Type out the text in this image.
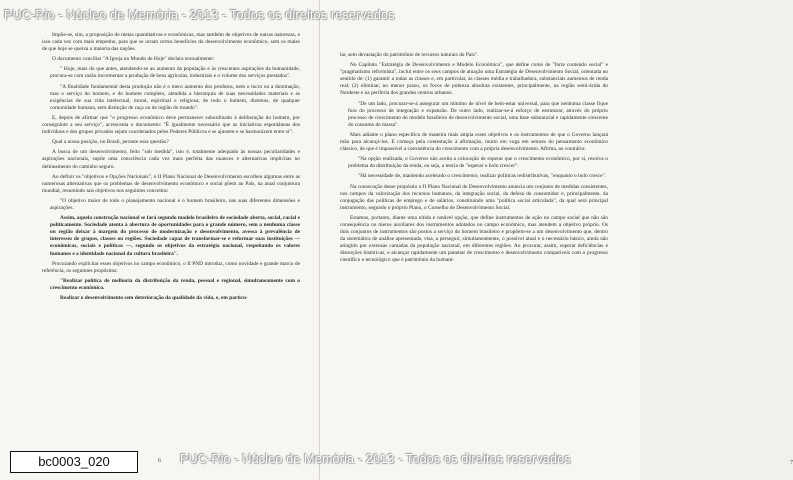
Impõe-se, sim, a proposição de metas quantitativas e econômicas, mas também de objetivos de outras naturezas, e isso cada vez com mais empenho, para que se urram certos benefícios do desenvolvimento econômico, sem os males de que hoje se queixa a maioria das nações.

O documento conciliar "A Igreja no Mundo de Hoje" declara textualmente:

" Hoje, mais do que antes, atendendo-se ao aumento da população e às crescentes aspirações da humanidade, procura-se com razão incrementar a produção de bens agrícolas, industriais e o volume dos serviços prestados".

"A finalidade fundamental desta produção não é o mero aumento dos produtos, nem o lucro ou a dominação, mas o serviço do homem, e do homem completo, atendida a hierarquia de suas necessidades materiais e as exigências de sua vida intelectual, moral, espiritual e religiosa; de todo o homem, dizemos, de qualquer comunidade humana, sem distinção de raça ou de região do mundo".

E, depois de afirmar que "o progresso econômico deve permanecer subordinado à deliberação do homem, por conseguinte a seu serviço", acrescenta o documento: "É igualmente necessário que as iniciativas espontâneas dos indivíduos e dos grupos privados sejam coordenados pelos Poderes Públicos e se ajustem e se harmonizem entre si".

Qual a nossa posição, no Brasil, perante essa questão?

A busca de um desenvolvimento, feito "sob medida", isto é, totalmente adequado às nossas peculiaridades e aspirações nacionais, supõe uma consciência cada vez mais perfeita das nuances e alternativas implícitas no delineamento do caminho seguro.

Ao definir os "objetivos e Opções Nacionais", o II Plano Nacional de Desenvolvimento escolheu algumas entre as numerosas alternativas que os problemas de desenvolvimento econômico e social põem ao País, na atual conjuntura mundial, resumindo tais objetivos nos seguintes conceitos:

"O objetivo maior de todo o planejamento nacional é o homem brasileiro, nas suas diferentes dimensões e aspirações.

Assim, aquela construção nacional se fará segundo modelo brasileiro de sociedade aberta, social, racial e politicamente. Sociedade atenta à abertura de oportunidades para o grande número, sem a nenhuma classe ou região deixar à margem do processo de modernização e desenvolvimento, avessa à prevalência de interesses de grupos, classes ou regiões. Sociedade capaz de transformar-se e reformar suas instituições — econômicas, sociais e políticas —, segundo os objetivos da estratégia nacional, respeitando os valores humanos e a identidade nacional da cultura brasileira".

Procurando explicitar esses objetivos no campo econômico, o II PND introduz, como novidade e grande marco de referência, os seguintes propósitos:

"Realizar política de melhoria da distribuição da renda, pessoal e regional, simultaneamente com o crescimento econômico.

Realizar o desenvolvimento sem deterioração da qualidade da vida, e, em particu-

6

lar, sem devastação do patrimônio de recursos naturais do País".

No Capítulo "Estratégia de Desenvolvimento e Modelo Econômico", que define como de "forte conteúdo social" e "pragmatismo reformista", inclui entre os seus campos de atuação uma Estratégia de Desenvolvimento Social, orientada no sentido de: (1) garantir a todas as classes e, em particular, às classes média e trabalhadora, substanciais aumentos de renda real; (2) eliminar, no menor prazo, os focos de pobreza absoluta existentes, principalmente, na região semi-árida do Nordeste e na periferia dos grandes centros urbanos.

"De um lado, procurar-se-á assegurar um mínimo de nível de bem-estar universal, para que nenhuma classe fique fora do processo de integração e expansão. De outro lado, realizar-se-á esforço de estruturar, através do próprio processo de crescimento do modelo brasileiro de desenvolvimento social, uma base substancial e rapidamente crescente do consumo de massa".

Mais adiante o plano especifica de maneira mais ampla esses objetivos e os instrumentos de que o Governo lançará mão para alcançá-los. E começa pela contestação à afirmação, muito em voga em setores do pensamento econômico clássico, de que é impossível a coexistência do crescimento com a própria desenvolvimento. Afirma, ao contrário:

"Na opção realizada, o Governo não aceita a colocação de esperar que o crescimento econômico, por si, resolva o problema da distribuição da renda, ou seja, a teoria de "esperar o bolo crescer".

"Há necessidade de, mantendo acelerado o crescimento, realizar políticas redistributivas, "enquanto o bolo cresce".

Na consecução desse propósito o II Plano Nacional de Desenvolvimento anuncia um conjunto de medidas consistentes, nos campos da valorização dos recursos humanos, da integração social, da defesa do consumidor e, principalmente, da conjugação das políticas de emprego e de salários, constituindo uma "política social articulada", da qual será principal instrumento, segundo o próprio Plano, o Conselho de Desenvolvimento Social.

Estamos, portanto, diante uma nítida e notável opção, que define instrumentos de ação no campo social que não são consequência ou meros auxiliares dos instrumentos adotados no campo econômico, mas atendem a objetivo próprio. Os dois conjuntos de instrumentos são postos a serviço do homem brasileiro e propõem-se a um desenvolvimento que, dentro da sistemática de análise apresentada, visa, a perseguir, simultaneamente, o possível atual e o necessário básico, ainda não atingido por extensas camadas da população nacional, em diferentes regiões. Ao procurar, assim, superar deficiências e distorções históricas, e alcançar rapidamente um patamar de crescimento e desenvolvimento compatíveis com o progresso científico e tecnológico que é patrimônio da humani-

7
PUC-Rio - Núcleo de Memória - 2013 - Todos os direitos reservados
PUC-Rio - Núcleo de Memória - 2013 - Todos os direitos reservados
bc0003_020
